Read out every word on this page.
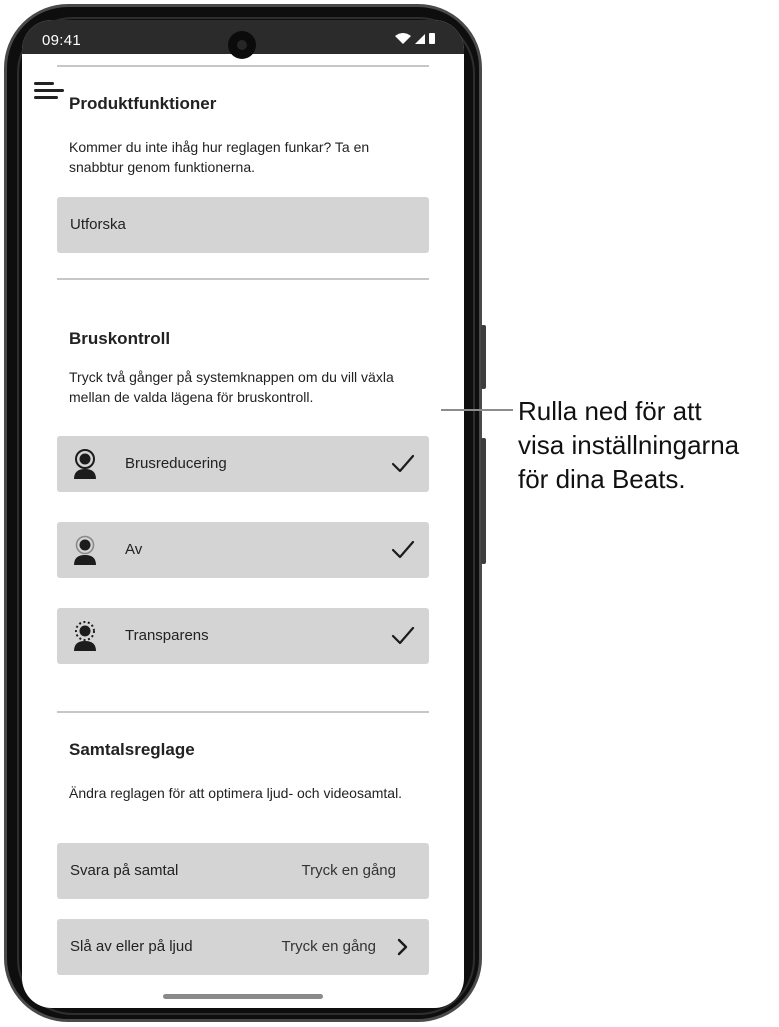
09:41
Produktfunktioner
Kommer du inte ihåg hur reglagen funkar? Ta en snabbtur genom funktionerna.
Utforska
Bruskontroll
Tryck två gånger på systemknappen om du vill växla mellan de valda lägena för bruskontroll.
Brusreducering
Av
Transparens
Samtalsreglage
Ändra reglagen för att optimera ljud- och videosamtal.
Svara på samtal	Tryck en gång
Slå av eller på ljud	Tryck en gång
Rulla ned för att
visa inställningarna
för dina Beats.
